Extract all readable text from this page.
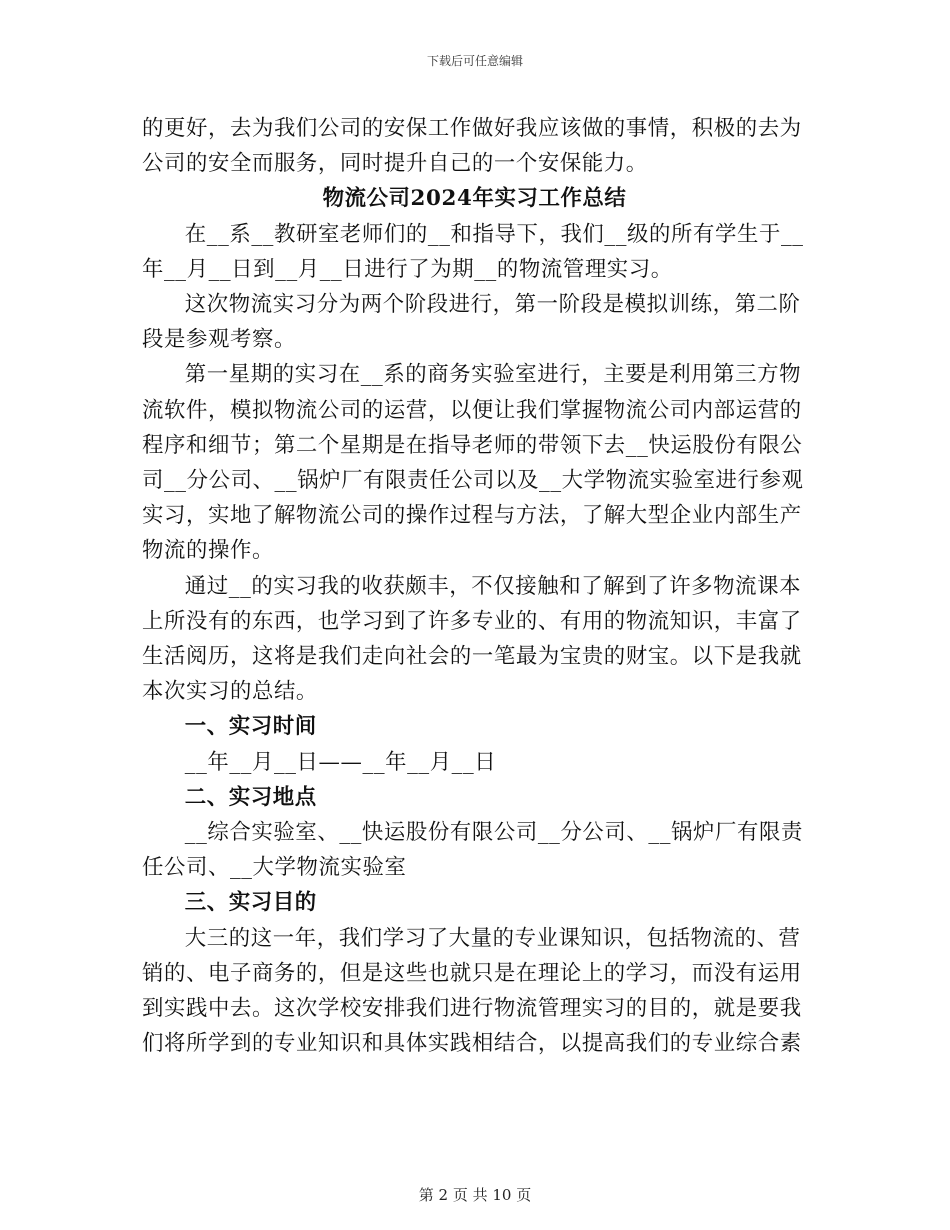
下载后可任意编辑

的更好，去为我们公司的安保工作做好我应该做的事情，积极的去为公司的安全而服务，同时提升自己的一个安保能力。

物流公司2024年实习工作总结

在__系__教研室老师们的__和指导下，我们__级的所有学生于__年__月__日到__月__日进行了为期__的物流管理实习。

这次物流实习分为两个阶段进行，第一阶段是模拟训练，第二阶段是参观考察。

第一星期的实习在__系的商务实验室进行，主要是利用第三方物流软件，模拟物流公司的运营，以便让我们掌握物流公司内部运营的程序和细节；第二个星期是在指导老师的带领下去__快运股份有限公司__分公司、__锅炉厂有限责任公司以及__大学物流实验室进行参观实习，实地了解物流公司的操作过程与方法，了解大型企业内部生产物流的操作。

通过__的实习我的收获颇丰，不仅接触和了解到了许多物流课本上所没有的东西，也学习到了许多专业的、有用的物流知识，丰富了生活阅历，这将是我们走向社会的一笔最为宝贵的财宝。以下是我就本次实习的总结。

一、实习时间

__年__月__日——__年__月__日

二、实习地点

__综合实验室、__快运股份有限公司__分公司、__锅炉厂有限责任公司、__大学物流实验室

三、实习目的

大三的这一年，我们学习了大量的专业课知识，包括物流的、营销的、电子商务的，但是这些也就只是在理论上的学习，而没有运用到实践中去。这次学校安排我们进行物流管理实习的目的，就是要我们将所学到的专业知识和具体实践相结合，以提高我们的专业综合素

第 2 页 共 10 页
